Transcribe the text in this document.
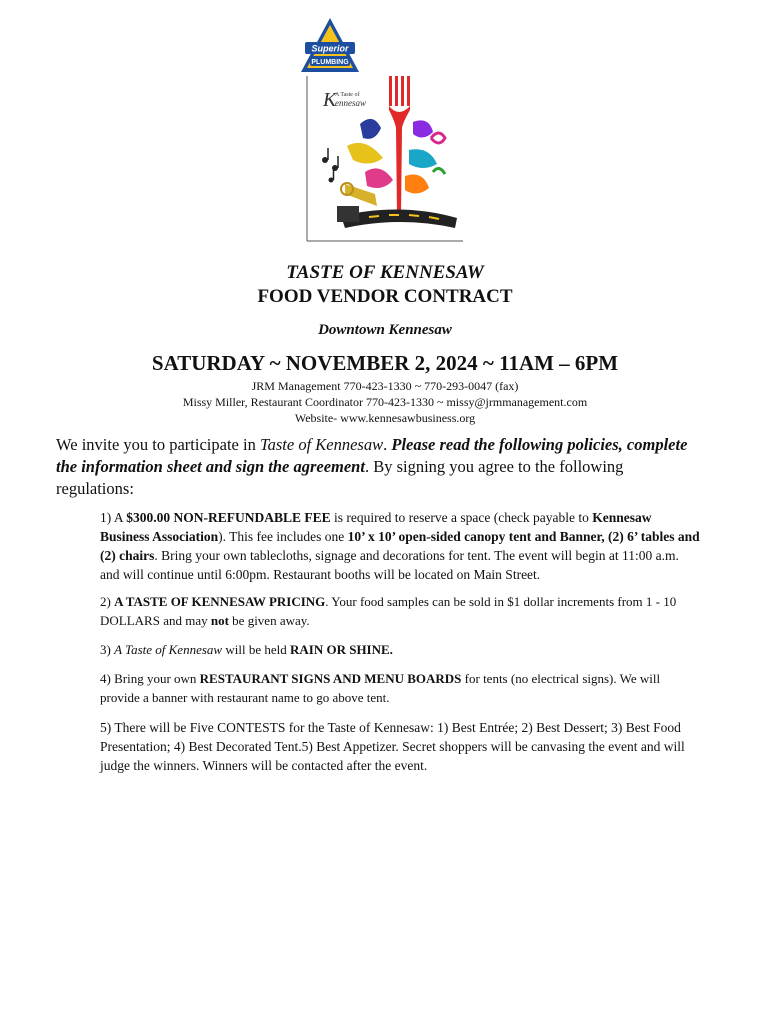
Superior
PLUMBING
K
A Taste of
ennesaw

TASTE OF KENNESAW

FOOD VENDOR CONTRACT

Downtown Kennesaw

SATURDAY ~ NOVEMBER 2, 2024 ~ 11AM – 6PM

JRM Management 770-423-1330 ~ 770-293-0047 (fax)

Missy Miller, Restaurant Coordinator 770-423-1330 ~ missy@jrmmanagement.com

Website- www.kennesawbusiness.org

We invite you to participate in Taste of Kennesaw. Please read the following policies, complete the information sheet and sign the agreement. By signing you agree to the following regulations:

1) A $300.00 NON-REFUNDABLE FEE is required to reserve a space (check payable to Kennesaw Business Association). This fee includes one 10’ x 10’ open-sided canopy tent and Banner, (2) 6’ tables and (2) chairs. Bring your own tablecloths, signage and decorations for tent. The event will begin at 11:00 a.m. and will continue until 6:00pm. Restaurant booths will be located on Main Street.
2) A TASTE OF KENNESAW PRICING. Your food samples can be sold in $1 dollar increments from 1 - 10 DOLLARS and may not be given away.
3) A Taste of Kennesaw will be held RAIN OR SHINE.
4) Bring your own RESTAURANT SIGNS AND MENU BOARDS for tents (no electrical signs). We will provide a banner with restaurant name to go above tent.
5) There will be Five CONTESTS for the Taste of Kennesaw: 1) Best Entrée; 2) Best Dessert; 3) Best Food Presentation; 4) Best Decorated Tent.5) Best Appetizer. Secret shoppers will be canvasing the event and will judge the winners. Winners will be contacted after the event.
